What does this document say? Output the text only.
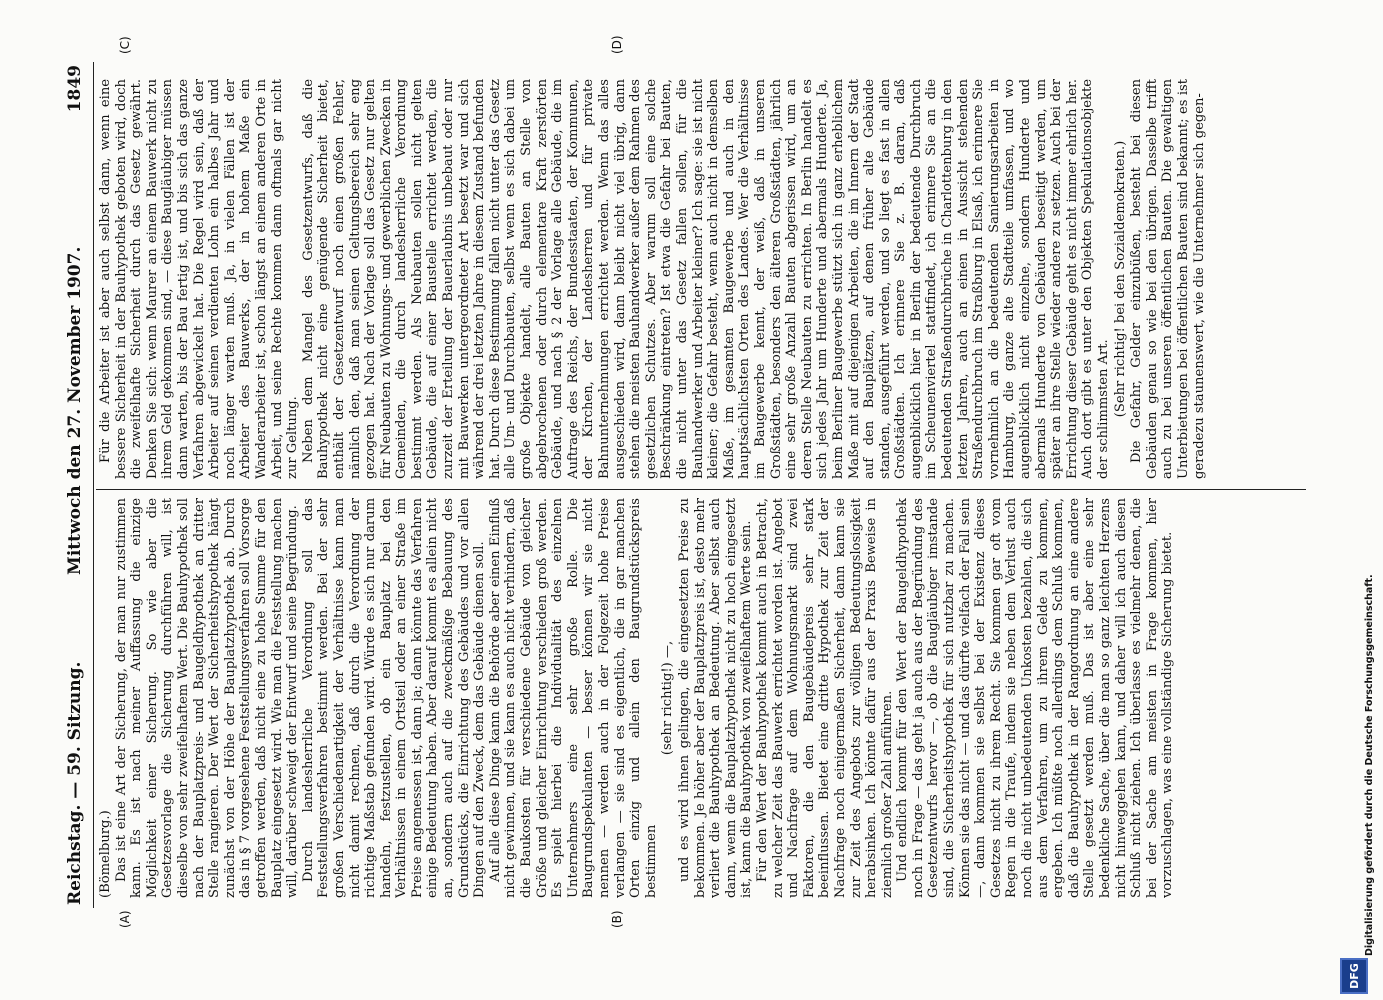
Reichstag. — 59. Sitzung.
Mittwoch den 27. November 1907.
1849
(A)	(B)
(C)	(D)

(Bömelburg.) Das ist eine Art der Sicherung, der man nur zustimmen kann. Es ist nach meiner Auffassung die einzige Möglichkeit einer Sicherung. So wie aber die Gesetzesvorlage die Sicherung durchführen will, ist dieselbe von sehr zweifelhaftem Wert. Die Bauhypothek soll nach der Bauplatzpreis- und Baugeldhypothek an dritter Stelle rangieren. Der Wert der Sicherheitshypothek hängt zunächst von der Höhe der Bauplatzhypothek ab. Durch das in § 7 vorgesehene Feststellungsverfahren soll Vorsorge getroffen werden, daß nicht eine zu hohe Summe für den Bauplatz eingesetzt wird. Wie man die Feststellung machen will, darüber schweigt der Entwurf und seine Begründung. Durch landesherrliche Verordnung soll das Feststellungsverfahren bestimmt werden. Bei der sehr großen Verschiedenartigkeit der Verhältnisse kann man nicht damit rechnen, daß durch die Verordnung der richtige Maßstab gefunden wird. Würde es sich nur darum handeln, festzustellen, ob ein Bauplatz bei den Verhältnissen in einem Ortsteil oder an einer Straße im Preise angemessen ist, dann ja; dann könnte das Verfahren einige Bedeutung haben. Aber darauf kommt es allein nicht an, sondern auch auf die zweckmäßige Bebauung des Grundstücks, die Einrichtung des Gebäudes und vor allen Dingen auf den Zweck, dem das Gebäude dienen soll. Auf alle diese Dinge kann die Behörde aber einen Einfluß nicht gewinnen, und sie kann es auch nicht verhindern, daß die Baukosten für verschiedene Gebäude von gleicher Größe und gleicher Einrichtung verschieden groß werden. Es spielt hierbei die Individualität des einzelnen Unternehmers eine sehr große Rolle. Die Baugrundspekulanten — besser können wir sie nicht nennen — werden auch in der Folgezeit hohe Preise verlangen — sie sind es eigentlich, die in gar manchen Orten einzig und allein den Baugrundstückspreis bestimmen

(sehr richtig!) —, und es wird ihnen gelingen, die eingesetzten Preise zu bekommen. Je höher aber der Bauplatzpreis ist, desto mehr verliert die Bauhypothek an Bedeutung. Aber selbst auch dann, wenn die Bauplatzhypothek nicht zu hoch eingesetzt ist, kann die Bauhypothek von zweifelhaftem Werte sein. Für den Wert der Bauhypothek kommt auch in Betracht, zu welcher Zeit das Bauwerk errichtet worden ist. Angebot und Nachfrage auf dem Wohnungsmarkt sind zwei Faktoren, die den Baugebäudepreis sehr stark beeinflussen. Bietet eine dritte Hypothek zur Zeit der Nachfrage noch einigermaßen Sicherheit, dann kann sie zur Zeit des Angebots zur völligen Bedeutungslosigkeit herabsinken. Ich könnte dafür aus der Praxis Beweise in ziemlich großer Zahl anführen. Und endlich kommt für den Wert der Baugeldhypothek noch in Frage — das geht ja auch aus der Begründung des Gesetzentwurfs hervor —, ob die Baugläubiger imstande sind, die Sicherheitshypothek für sich nutzbar zu machen. Können sie das nicht — und das dürfte vielfach der Fall sein —, dann kommen sie selbst bei der Existenz dieses Gesetzes nicht zu ihrem Recht. Sie kommen gar oft vom Regen in die Traufe, indem sie neben dem Verlust auch noch die nicht unbedeutenden Unkosten bezahlen, die sich aus dem Verfahren, um zu ihrem Gelde zu kommen, ergeben. Ich müßte noch allerdings dem Schluß kommen, daß die Bauhypothek in der Rangordnung an eine andere Stelle gesetzt werden muß. Das ist aber eine sehr bedenkliche Sache, über die man so ganz leichten Herzens nicht hinweggehen kann, und daher will ich auch diesen Schluß nicht ziehen. Ich überlasse es vielmehr denen, die bei der Sache am meisten in Frage kommen, hier vorzuschlagen, was eine vollständige Sicherung bietet.

Für die Arbeiter ist aber auch selbst dann, wenn eine bessere Sicherheit in der Bauhypothek geboten wird, doch die zweifelhafte Sicherheit durch das Gesetz gewährt. Denken Sie sich: wenn Maurer an einem Bauwerk nicht zu ihrem Geld gekommen sind, — diese Baugläubiger müssen dann warten, bis der Bau fertig ist, und bis sich das ganze Verfahren abgewickelt hat. Die Regel wird sein, daß der Arbeiter auf seinen verdienten Lohn ein halbes Jahr und noch länger warten muß. Ja, in vielen Fällen ist der Arbeiter des Bauwerks, der in hohem Maße ein Wanderarbeiter ist, schon längst an einem anderen Orte in Arbeit, und seine Rechte kommen dann oftmals gar nicht zur Geltung. Neben dem Mangel des Gesetzentwurfs, daß die Bauhypothek nicht eine genügende Sicherheit bietet, enthält der Gesetzentwurf noch einen großen Fehler, nämlich den, daß man seinen Geltungsbereich sehr eng gezogen hat. Nach der Vorlage soll das Gesetz nur gelten für Neubauten zu Wohnungs- und gewerblichen Zwecken in Gemeinden, die durch landesherrliche Verordnung bestimmt werden. Als Neubauten sollen nicht gelten Gebäude, die auf einer Baustelle errichtet werden, die zurzeit der Erteilung der Bauerlaubnis unbebaut oder nur mit Bauwerken untergeordneter Art besetzt war und sich während der drei letzten Jahre in diesem Zustand befunden hat. Durch diese Bestimmung fallen nicht unter das Gesetz alle Um- und Durchbauten, selbst wenn es sich dabei um große Objekte handelt, alle Bauten an Stelle von abgebrochenen oder durch elementare Kraft zerstörten Gebäude, und nach § 2 der Vorlage alle Gebäude, die im Auftrage des Reichs, der Bundesstaaten, der Kommunen, der Kirchen, der Landesherren und für private Bahnunternehmungen errichtet werden. Wenn das alles ausgeschieden wird, dann bleibt nicht viel übrig, dann stehen die meisten Bauhandwerker außer dem Rahmen des gesetzlichen Schutzes. Aber warum soll eine solche Beschränkung eintreten? Ist etwa die Gefahr bei Bauten, die nicht unter das Gesetz fallen sollen, für die Bauhandwerker und Arbeiter kleiner? Ich sage: sie ist nicht kleiner; die Gefahr besteht, wenn auch nicht in demselben Maße, im gesamten Baugewerbe und auch in den hauptsächlichsten Orten des Landes. Wer die Verhältnisse im Baugewerbe kennt, der weiß, daß in unseren Großstädten, besonders den älteren Großstädten, jährlich eine sehr große Anzahl Bauten abgerissen wird, um an deren Stelle Neubauten zu errichten. In Berlin handelt es sich jedes Jahr um Hunderte und abermals Hunderte. Ja, beim Berliner Baugewerbe stützt sich in ganz erheblichem Maße mit auf diejenigen Arbeiten, die im Innern der Stadt auf den Bauplätzen, auf denen früher alte Gebäude standen, ausgeführt werden, und so liegt es fast in allen Großstädten. Ich erinnere Sie z. B. daran, daß augenblicklich hier in Berlin der bedeutende Durchbruch im Scheunenviertel stattfindet, ich erinnere Sie an die bedeutenden Straßendurchbrüche in Charlottenburg in den letzten Jahren, auch an einen in Aussicht stehenden Straßendurchbruch im Straßburg in Elsaß, ich erinnere Sie vornehmlich an die bedeutenden Sanierungsarbeiten in Hamburg, die ganze alte Stadtteile umfassen, und wo augenblicklich nicht einzelne, sondern Hunderte und abermals Hunderte von Gebäuden beseitigt werden, um später an ihre Stelle wieder andere zu setzen. Auch bei der Errichtung dieser Gebäude geht es nicht immer ehrlich her. Auch dort gibt es unter den Objekten Spekulationsobjekte der schlimmsten Art. (Sehr richtig! bei den Sozialdemokraten.) Die Gefahr, Gelder einzubüßen, besteht bei diesen Gebäuden genau so wie bei den übrigen. Dasselbe trifft auch zu bei unseren öffentlichen Bauten. Die gewaltigen Unterbietungen bei öffentlichen Bauten sind bekannt; es ist geradezu staunenswert, wie die Unternehmer sich gegen-

DFG
Digitalisierung gefördert durch die Deutsche Forschungsgemeinschaft.
